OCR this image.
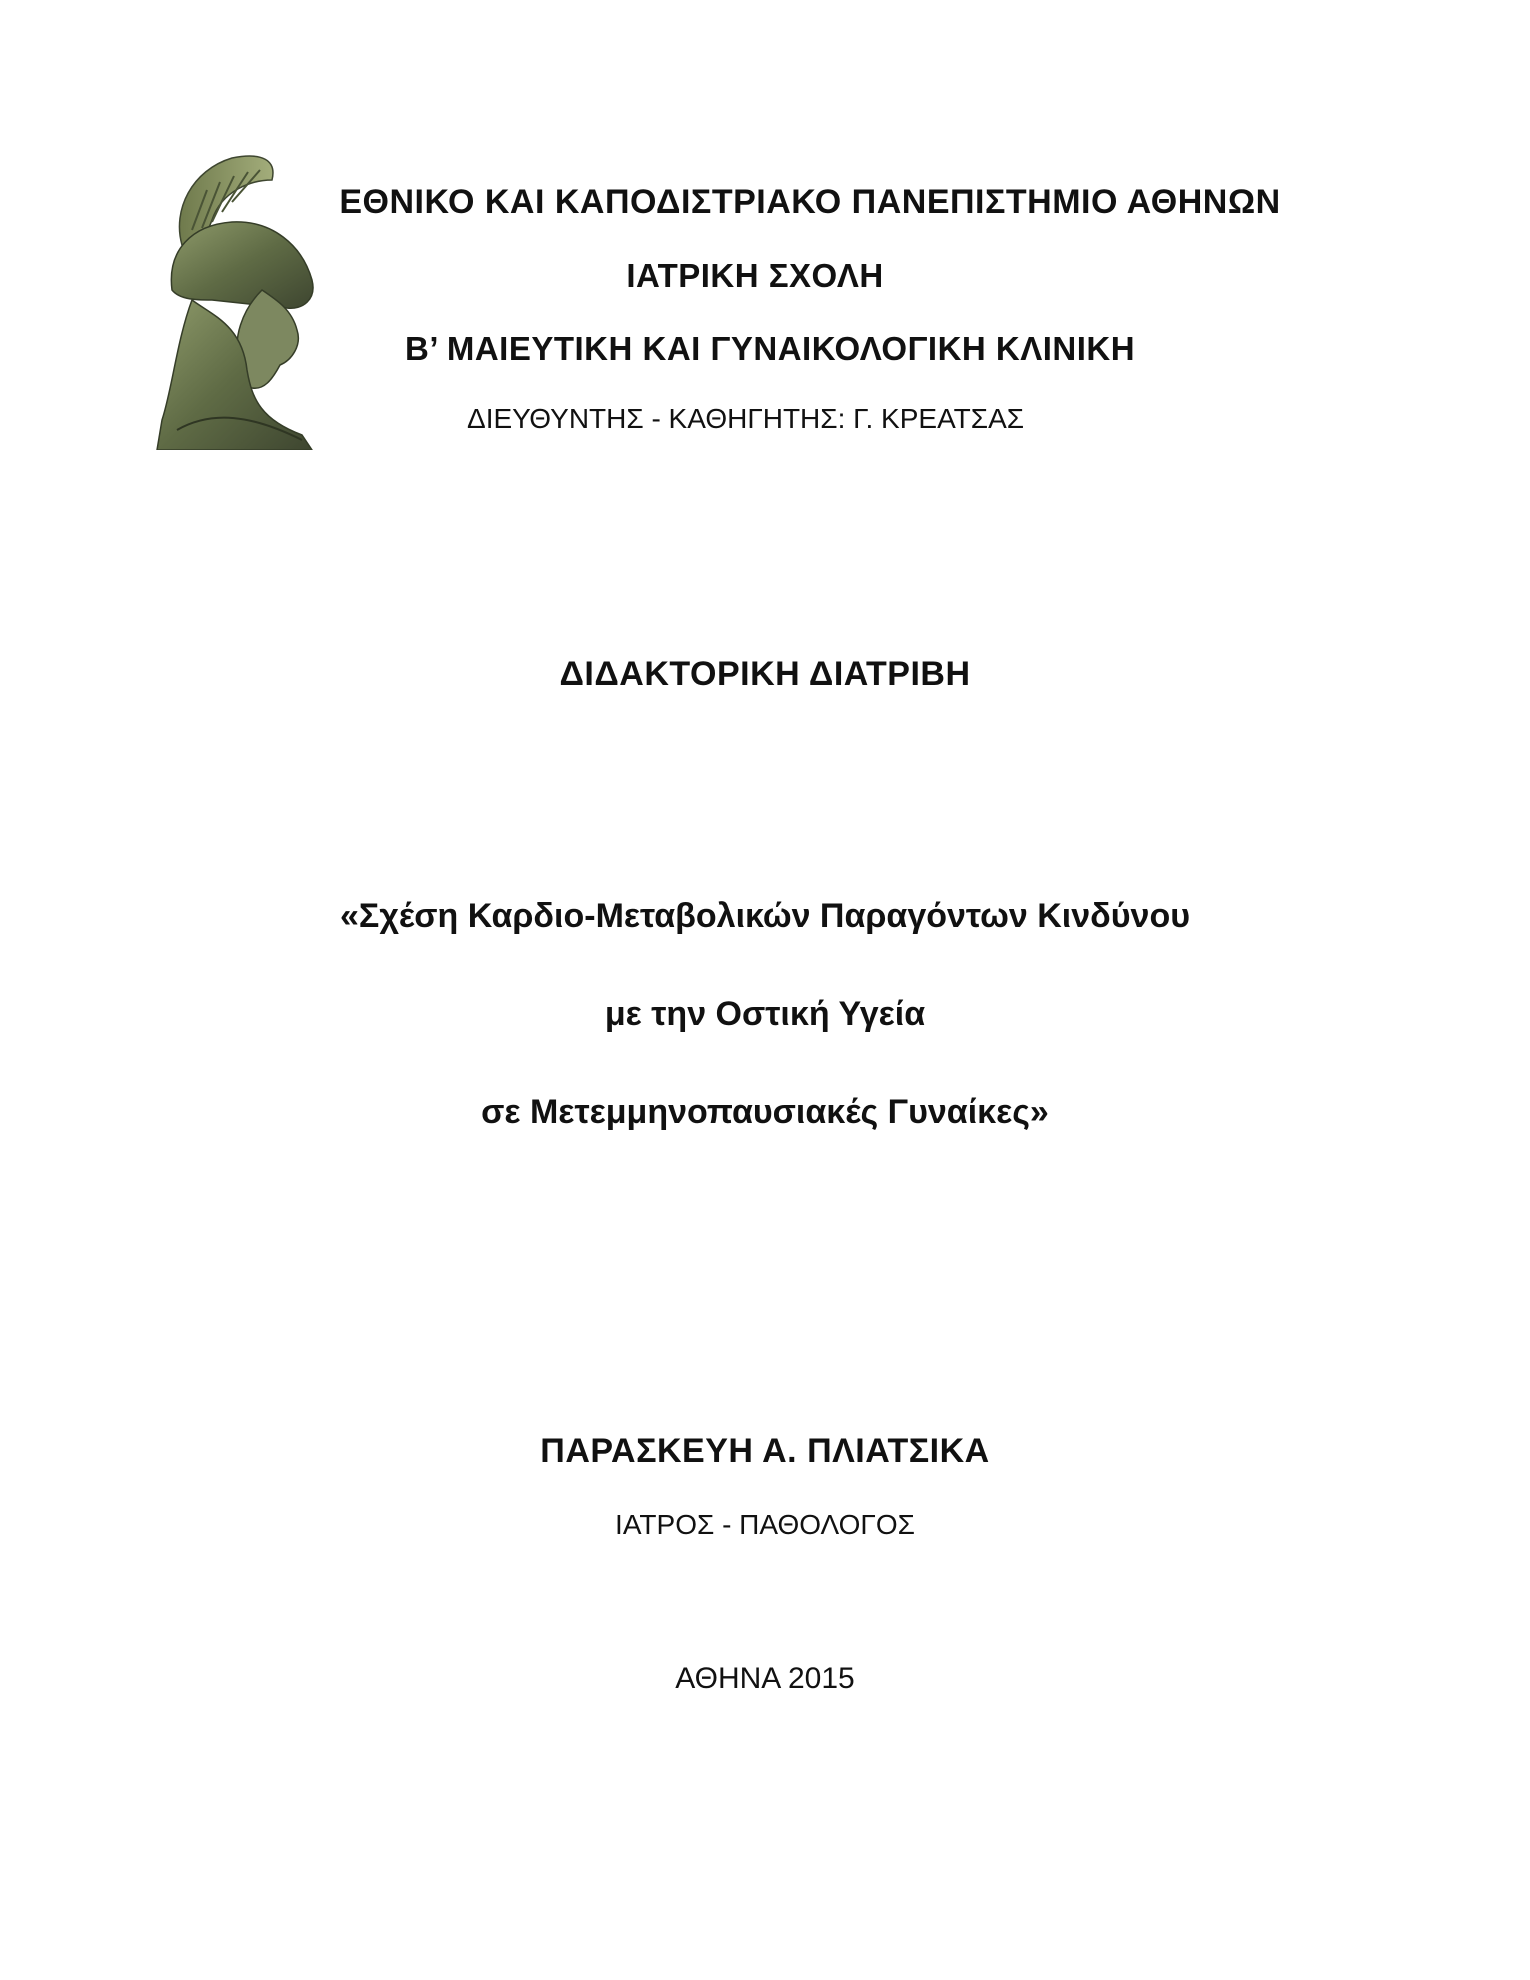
ΕΘΝΙΚΟ ΚΑΙ ΚΑΠΟΔΙΣΤΡΙΑΚΟ ΠΑΝΕΠΙΣΤΗΜΙΟ ΑΘΗΝΩΝ
ΙΑΤΡΙΚΗ ΣΧΟΛΗ
Β’ ΜΑΙΕΥΤΙΚΗ ΚΑΙ ΓΥΝΑΙΚΟΛΟΓΙΚΗ ΚΛΙΝΙΚΗ
ΔΙΕΥΘΥΝΤΗΣ - ΚΑΘΗΓΗΤΗΣ: Γ. ΚΡΕΑΤΣΑΣ
ΔΙΔΑΚΤΟΡΙΚΗ ΔΙΑΤΡΙΒΗ
«Σχέση Καρδιο-Μεταβολικών Παραγόντων Κινδύνου
με την Οστική Υγεία
σε Μετεμμηνοπαυσιακές Γυναίκες»
ΠΑΡΑΣΚΕΥΗ Α. ΠΛΙΑΤΣΙΚΑ
ΙΑΤΡΟΣ - ΠΑΘΟΛΟΓΟΣ
ΑΘΗΝΑ 2015
